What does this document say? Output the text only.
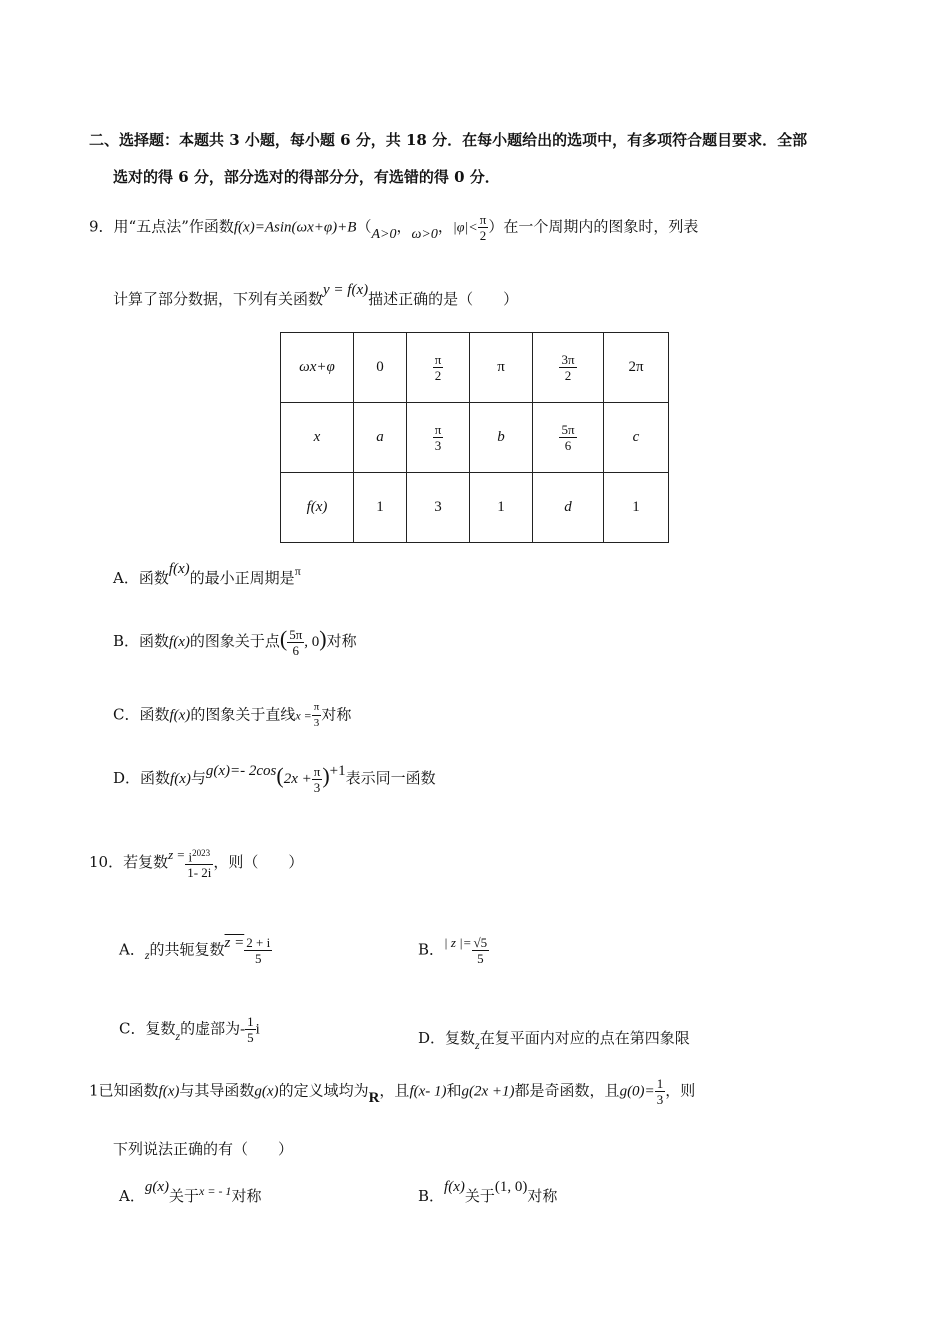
二、选择题：本题共 3 小题，每小题 6 分，共 18 分．在每小题给出的选项中，有多项符合题目要求．全部
选对的得 6 分，部分选对的得部分分，有选错的得 0 分．
9．用“五点法”作函数f(x)=Asin(ωx+φ)+B（A>0，ω>0，$|\varphi|< \frac{\pi}{2}$ ）在一个周期内的图象时，列表
计算了部分数据，下列有关函数y = f(x)描述正确的是（　　）
ωx+φ	0	$\frac{\pi}{2}$	π	$\frac{3\pi}{2}$	2π
x	a	$\frac{\pi}{3}$	b	$\frac{5\pi}{6}$	c
f(x)	1	3	1	d	1
A．函数f(x)的最小正周期是$^\pi$
B．函数f(x)的图象关于点( $\frac{5\pi}{6}$ , 0)对称
C．函数f(x)的图象关于直线$x = \frac{\pi}{3}$ 对称
D．函数f(x)与g(x)=- $2\cos(2x + \frac{\pi}{3} )+1$表示同一函数
10．若复数$z = \frac{i^{2023}}{1- 2i}$ ，则（　　）
A．$_z$的共轭复数$z = \frac{2 + i}{5}$	B．| z |= $\frac{√5}{5}$
C．复数$_z$的虚部为- $\frac{1}{5}$ i	D．复数$_z$在复平面内对应的点在第四象限
1已知函数f(x)与其导函数g(x)的定义域均为R，且f(x- 1)和g(2x +1)都是奇函数，且$g(0)= \frac{1}{3}$ ，则
下列说法正确的有（　　）
A．g(x)关于$^{x = - 1}$对称	B．f(x)关于(1, 0)对称
